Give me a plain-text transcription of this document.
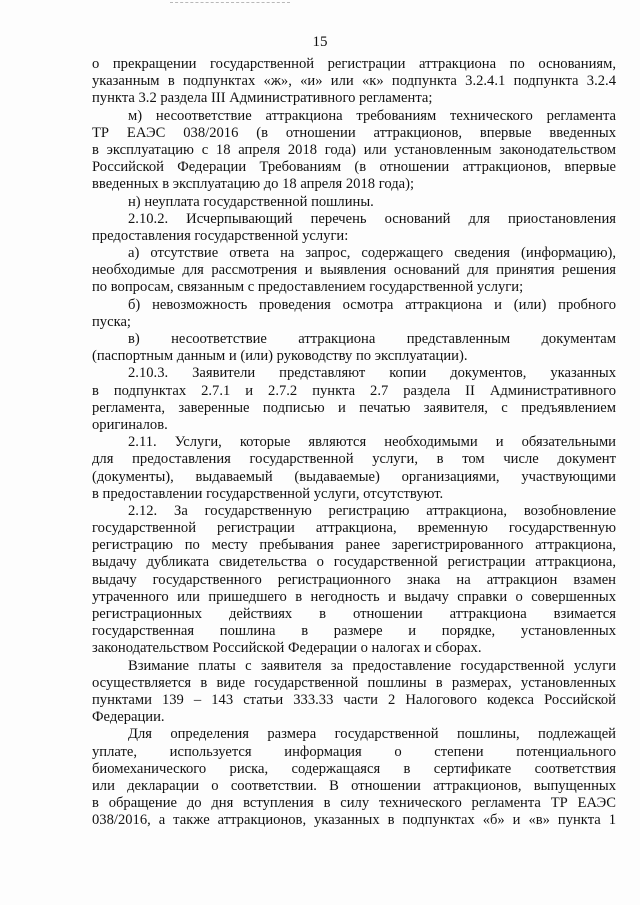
15
о прекращении государственной регистрации аттракциона по основаниям,
указанным в подпунктах «ж», «и» или «к» подпункта 3.2.4.1 подпункта 3.2.4
пункта 3.2 раздела III Административного регламента;
м) несоответствие аттракциона требованиям технического регламента
ТР ЕАЭС 038/2016 (в отношении аттракционов, впервые введенных
в эксплуатацию с 18 апреля 2018 года) или установленным законодательством
Российской Федерации Требованиям (в отношении аттракционов, впервые
введенных в эксплуатацию до 18 апреля 2018 года);
н) неуплата государственной пошлины.
2.10.2. Исчерпывающий перечень оснований для приостановления
предоставления государственной услуги:
а) отсутствие ответа на запрос, содержащего сведения (информацию),
необходимые для рассмотрения и выявления оснований для принятия решения
по вопросам, связанным с предоставлением государственной услуги;
б) невозможность проведения осмотра аттракциона и (или) пробного
пуска;
в) несоответствие аттракциона представленным документам
(паспортным данным и (или) руководству по эксплуатации).
2.10.3. Заявители представляют копии документов, указанных
в подпунктах 2.7.1 и 2.7.2 пункта 2.7 раздела II Административного
регламента, заверенные подписью и печатью заявителя, с предъявлением
оригиналов.
2.11. Услуги, которые являются необходимыми и обязательными
для предоставления государственной услуги, в том числе документ
(документы), выдаваемый (выдаваемые) организациями, участвующими
в предоставлении государственной услуги, отсутствуют.
2.12. За государственную регистрацию аттракциона, возобновление
государственной регистрации аттракциона, временную государственную
регистрацию по месту пребывания ранее зарегистрированного аттракциона,
выдачу дубликата свидетельства о государственной регистрации аттракциона,
выдачу государственного регистрационного знака на аттракцион взамен
утраченного или пришедшего в негодность и выдачу справки о совершенных
регистрационных действиях в отношении аттракциона взимается
государственная пошлина в размере и порядке, установленных
законодательством Российской Федерации о налогах и сборах.
Взимание платы с заявителя за предоставление государственной услуги
осуществляется в виде государственной пошлины в размерах, установленных
пунктами 139 – 143 статьи 333.33 части 2 Налогового кодекса Российской
Федерации.
Для определения размера государственной пошлины, подлежащей
уплате, используется информация о степени потенциального
биомеханического риска, содержащаяся в сертификате соответствия
или декларации о соответствии. В отношении аттракционов, выпущенных
в обращение до дня вступления в силу технического регламента ТР ЕАЭС
038/2016, а также аттракционов, указанных в подпунктах «б» и «в» пункта 1
